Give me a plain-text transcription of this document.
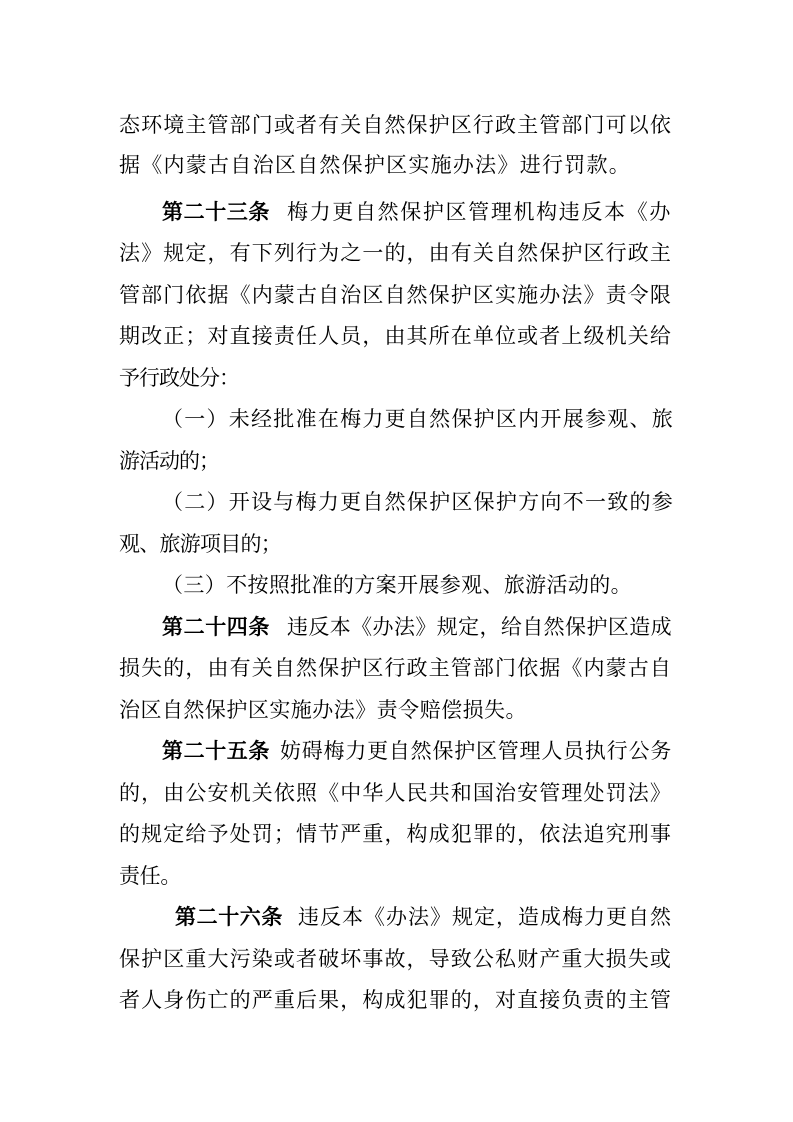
态环境主管部门或者有关自然保护区行政主管部门可以依
据《内蒙古自治区自然保护区实施办法》进行罚款。
第二十三条 梅力更自然保护区管理机构违反本《办
法》规定，有下列行为之一的，由有关自然保护区行政主
管部门依据《内蒙古自治区自然保护区实施办法》责令限
期改正；对直接责任人员，由其所在单位或者上级机关给
予行政处分：
（一）未经批准在梅力更自然保护区内开展参观、旅
游活动的；
（二）开设与梅力更自然保护区保护方向不一致的参
观、旅游项目的；
（三）不按照批准的方案开展参观、旅游活动的。
第二十四条 违反本《办法》规定，给自然保护区造成
损失的，由有关自然保护区行政主管部门依据《内蒙古自
治区自然保护区实施办法》责令赔偿损失。
第二十五条 妨碍梅力更自然保护区管理人员执行公务
的，由公安机关依照《中华人民共和国治安管理处罚法》
的规定给予处罚；情节严重，构成犯罪的，依法追究刑事
责任。
第二十六条 违反本《办法》规定，造成梅力更自然
保护区重大污染或者破坏事故，导致公私财产重大损失或
者人身伤亡的严重后果，构成犯罪的，对直接负责的主管
